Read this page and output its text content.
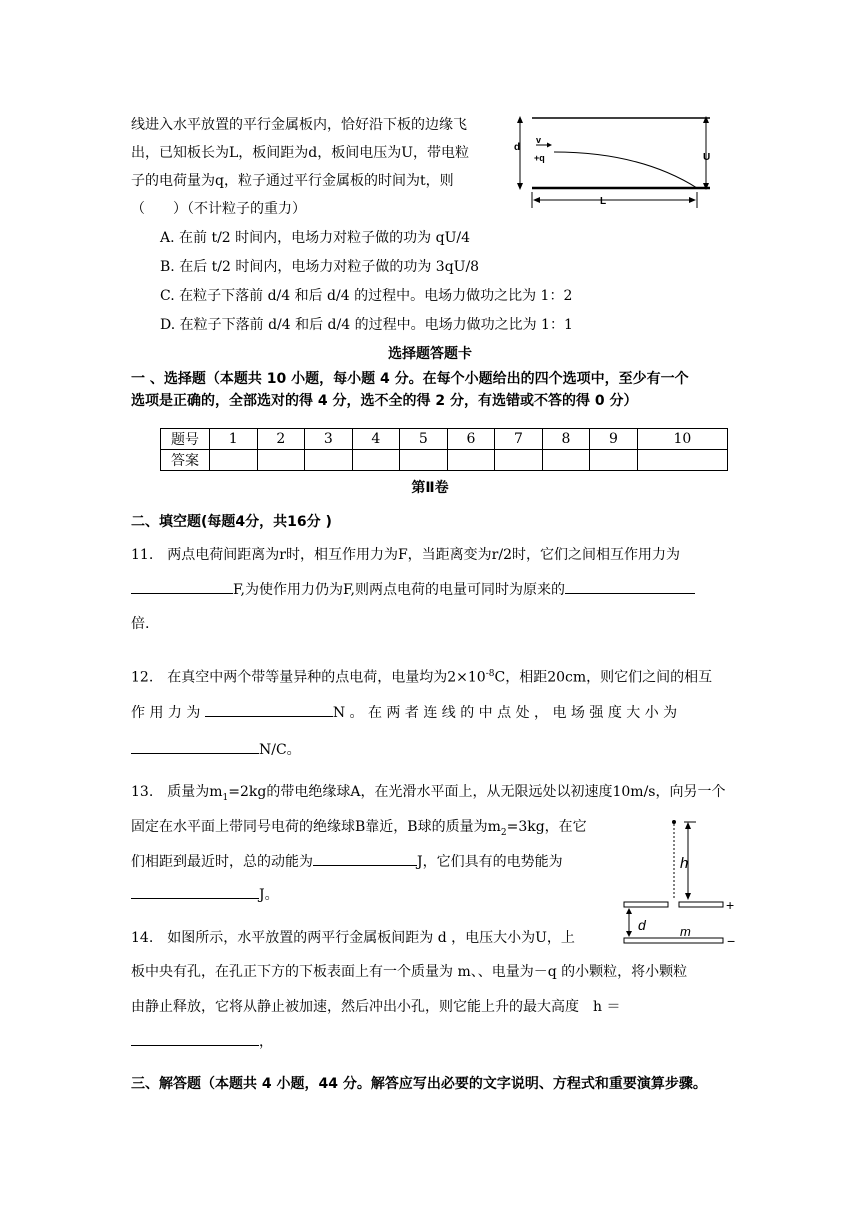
线进入水平放置的平行金属板内，恰好沿下板的边缘飞
出，已知板长为L，板间距为d，板间电压为U，带电粒
子的电荷量为q，粒子通过平行金属板的时间为t，则
（　　）（不计粒子的重力）
A. 在前 t/2 时间内，电场力对粒子做的功为 qU/4
B. 在后 t/2 时间内，电场力对粒子做的功为 3qU/8
C. 在粒子下落前 d/4 和后 d/4 的过程中。电场力做功之比为 1：2
D. 在粒子下落前 d/4 和后 d/4 的过程中。电场力做功之比为 1：1
d
U
v
+q
L
选择题答题卡
一 、选择题（本题共 10 小题，每小题 4 分。在每个小题给出的四个选项中，至少有一个
选项是正确的，全部选对的得 4 分，选不全的得 2 分，有选错或不答的得 0 分）
题号	1	2	3	4	5	6	7	8	9	10
答案										
第Ⅱ卷
二、填空题(每题4分，共16分 )
11.　两点电荷间距离为r时，相互作用力为F，当距离变为r/2时，它们之间相互作用力为
F,为使作用力仍为F,则两点电荷的电量可同时为原来的
倍.
12.　在真空中两个带等量异种的点电荷，电量均为$2\times 10^{-8}C$，相距20cm，则它们之间的相互
作 用 力 为	N 。 在 两 者 连 线 的 中 点 处 ， 电 场 强 度 大 小 为
N/C。
13.　质量为$m_1=2kg$的带电绝缘球A，在光滑水平面上，从无限远处以初速度10m/s，向另一个
固定在水平面上带同号电荷的绝缘球B靠近，B球的质量为$m_2=3kg$，在它
们相距到最近时，总的动能为	J，它们具有的电势能为
J。
h
+
−
d	m
14.　如图所示，水平放置的两平行金属板间距为 d ，电压大小为U，上
板中央有孔，在孔正下方的下板表面上有一个质量为 m、、电量为－q 的小颗粒，将小颗粒
由静止释放，它将从静止被加速，然后冲出小孔，则它能上升的最大高度　h ＝
，
三、解答题（本题共 4 小题，44 分。解答应写出必要的文字说明、方程式和重要演算步骤。
